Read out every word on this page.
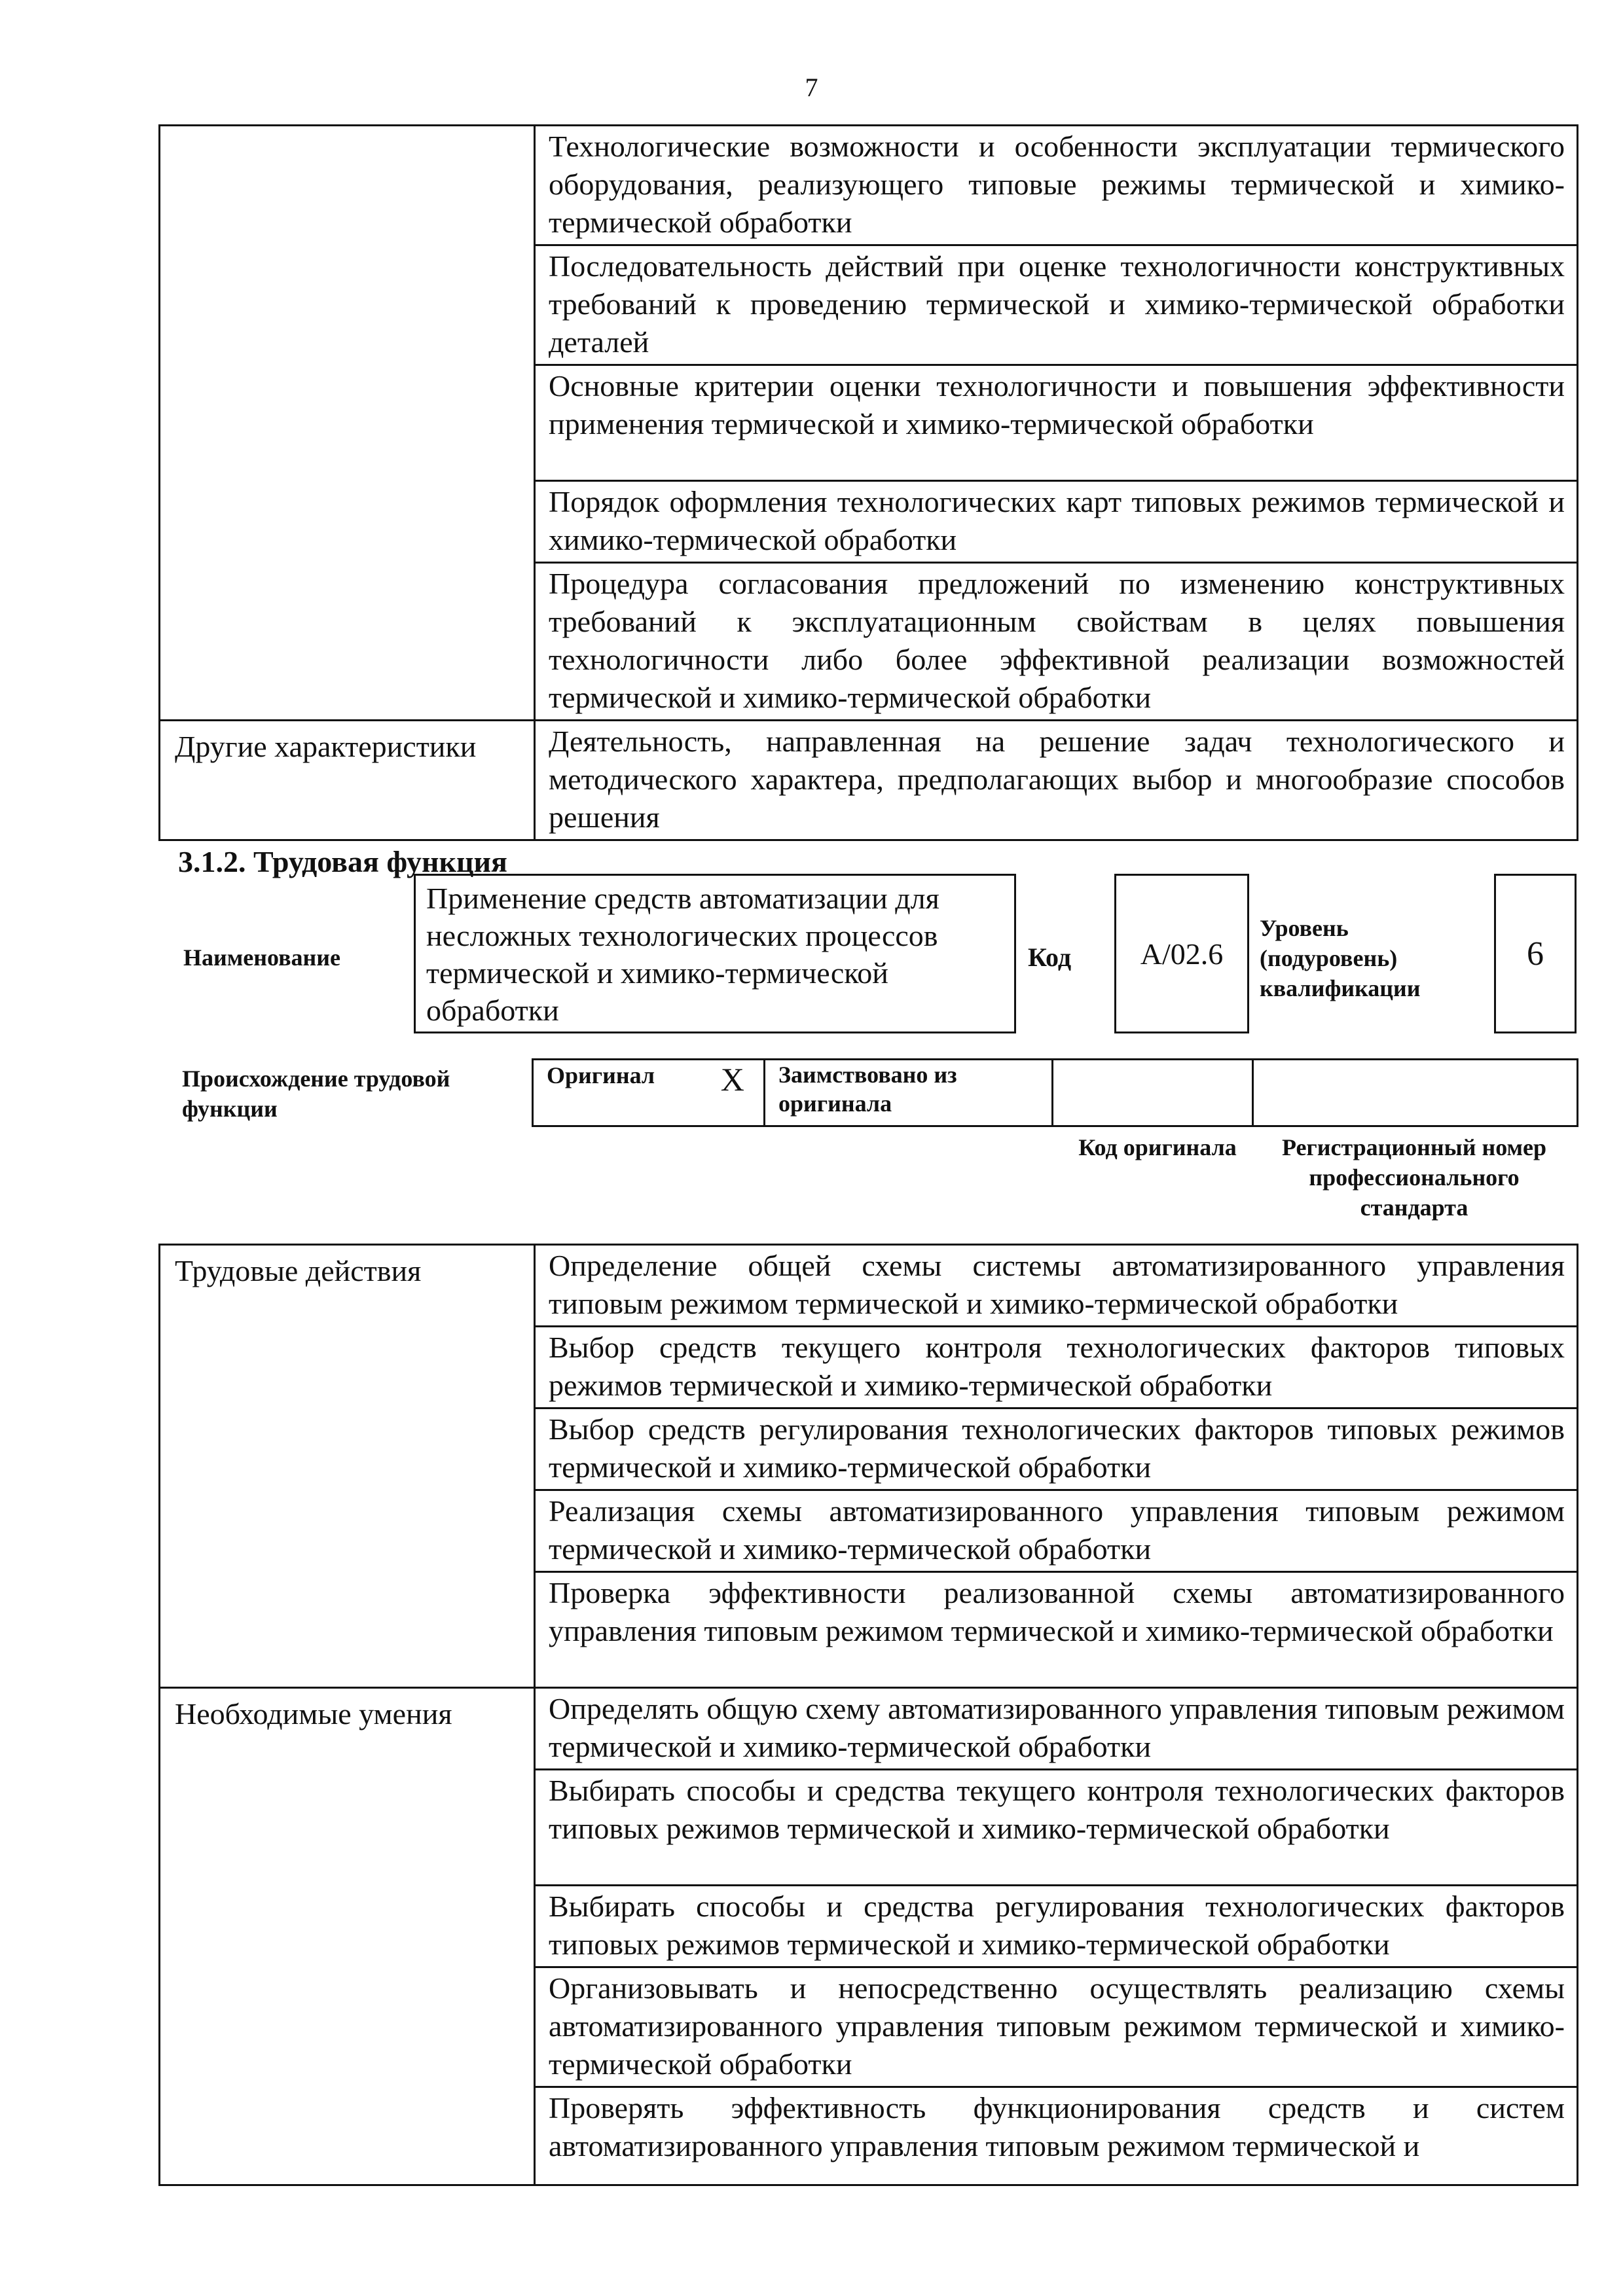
7
	Технологические возможности и особенности эксплуатации термического оборудования, реализующего типовые режимы термической и химико-термической обработки
	Последовательность действий при оценке технологичности конструктивных требований к проведению термической и химико-термической обработки деталей
	Основные критерии оценки технологичности и повышения эффективности применения термической и химико-термической обработки
	Порядок оформления технологических карт типовых режимов термической и химико-термической обработки
	Процедура согласования предложений по изменению конструктивных требований к эксплуатационным свойствам в целях повышения технологичности либо более эффективной реализации возможностей термической и химико-термической обработки
Другие характеристики	Деятельность, направленная на решение задач технологического и методического характера, предполагающих выбор и многообразие способов решения
3.1.2. Трудовая функция
Наименование
Применение средств автоматизации для несложных технологических процессов термической и химико-термической обработки
Код А/02.6
Уровень (подуровень) квалификации
6
Происхождение трудовой функции
Оригинал	X	Заимствовано из оригинала		
Код оригинала	Регистрационный номер профессионального стандарта
Трудовые действия	Определение общей схемы системы автоматизированного управления типовым режимом термической и химико-термической обработки
	Выбор средств текущего контроля технологических факторов типовых режимов термической и химико-термической обработки
	Выбор средств регулирования технологических факторов типовых режимов термической и химико-термической обработки
	Реализация схемы автоматизированного управления типовым режимом термической и химико-термической обработки
	Проверка эффективности реализованной схемы автоматизированного управления типовым режимом термической и химико-термической обработки
Необходимые умения	Определять общую схему автоматизированного управления типовым режимом термической и химико-термической обработки
	Выбирать способы и средства текущего контроля технологических факторов типовых режимов термической и химико-термической обработки
	Выбирать способы и средства регулирования технологических факторов типовых режимов термической и химико-термической обработки
	Организовывать и непосредственно осуществлять реализацию схемы автоматизированного управления типовым режимом термической и химико-термической обработки
	Проверять эффективность функционирования средств и систем автоматизированного управления типовым режимом термической и
